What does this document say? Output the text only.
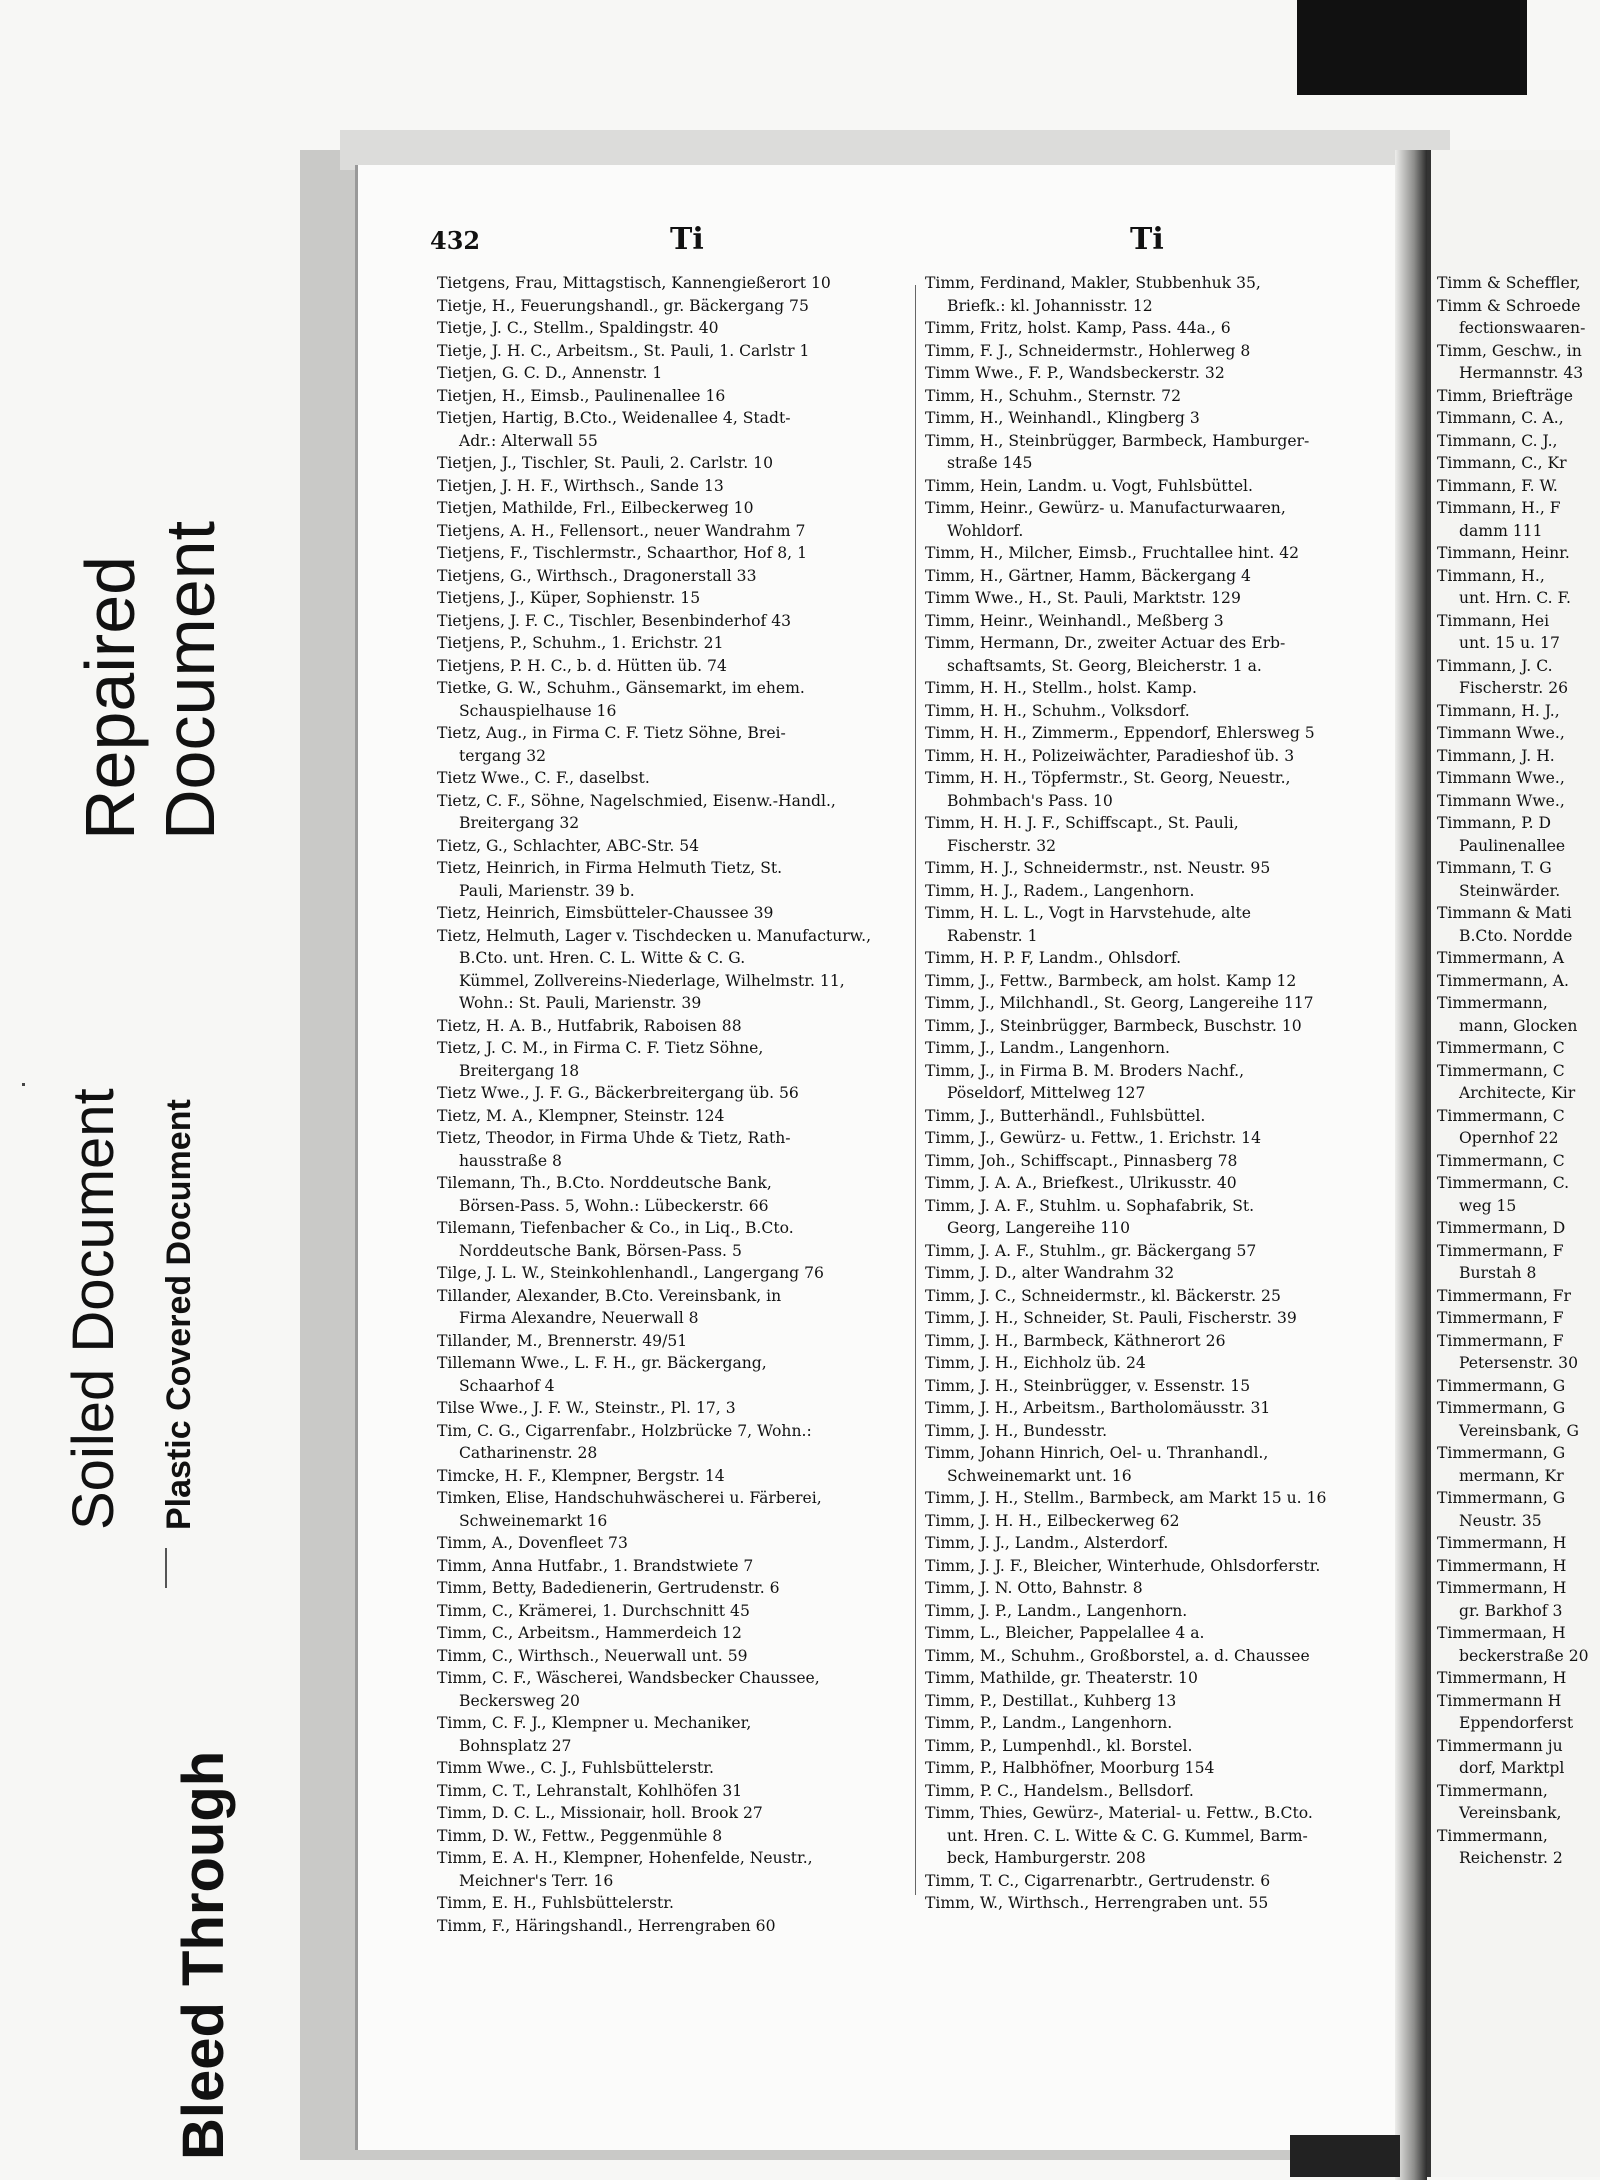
Repaired Document
Soiled Document Plastic Covered Document
Bleed Through
432	Ti	Ti
Tietgens, Frau, Mittagstisch, Kannengießerort 10
Tietje, H., Feuerungshandl., gr. Bäckergang 75
Tietje, J. C., Stellm., Spaldingstr. 40
Tietje, J. H. C., Arbeitsm., St. Pauli, 1. Carlstr 1
Tietjen, G. C. D., Annenstr. 1
Tietjen, H., Eimsb., Paulinenallee 16
Tietjen, Hartig, B.Cto., Weidenallee 4, Stadt-
Adr.: Alterwall 55
Tietjen, J., Tischler, St. Pauli, 2. Carlstr. 10
Tietjen, J. H. F., Wirthsch., Sande 13
Tietjen, Mathilde, Frl., Eilbeckerweg 10
Tietjens, A. H., Fellensort., neuer Wandrahm 7
Tietjens, F., Tischlermstr., Schaarthor, Hof 8, 1
Tietjens, G., Wirthsch., Dragonerstall 33
Tietjens, J., Küper, Sophienstr. 15
Tietjens, J. F. C., Tischler, Besenbinderhof 43
Tietjens, P., Schuhm., 1. Erichstr. 21
Tietjens, P. H. C., b. d. Hütten üb. 74
Tietke, G. W., Schuhm., Gänsemarkt, im ehem.
Schauspielhause 16
Tietz, Aug., in Firma C. F. Tietz Söhne, Brei-
tergang 32
Tietz Wwe., C. F., daselbst.
Tietz, C. F., Söhne, Nagelschmied, Eisenw.-Handl.,
Breitergang 32
Tietz, G., Schlachter, ABC-Str. 54
Tietz, Heinrich, in Firma Helmuth Tietz, St.
Pauli, Marienstr. 39 b.
Tietz, Heinrich, Eimsbütteler-Chaussee 39
Tietz, Helmuth, Lager v. Tischdecken u. Manufacturw.,
B.Cto. unt. Hren. C. L. Witte & C. G.
Kümmel, Zollvereins-Niederlage, Wilhelmstr. 11,
Wohn.: St. Pauli, Marienstr. 39
Tietz, H. A. B., Hutfabrik, Raboisen 88
Tietz, J. C. M., in Firma C. F. Tietz Söhne,
Breitergang 18
Tietz Wwe., J. F. G., Bäckerbreitergang üb. 56
Tietz, M. A., Klempner, Steinstr. 124
Tietz, Theodor, in Firma Uhde & Tietz, Rath-
hausstraße 8
Tilemann, Th., B.Cto. Norddeutsche Bank,
Börsen-Pass. 5, Wohn.: Lübeckerstr. 66
Tilemann, Tiefenbacher & Co., in Liq., B.Cto.
Norddeutsche Bank, Börsen-Pass. 5
Tilge, J. L. W., Steinkohlenhandl., Langergang 76
Tillander, Alexander, B.Cto. Vereinsbank, in
Firma Alexandre, Neuerwall 8
Tillander, M., Brennerstr. 49/51
Tillemann Wwe., L. F. H., gr. Bäckergang,
Schaarhof 4
Tilse Wwe., J. F. W., Steinstr., Pl. 17, 3
Tim, C. G., Cigarrenfabr., Holzbrücke 7, Wohn.:
Catharinenstr. 28
Timcke, H. F., Klempner, Bergstr. 14
Timken, Elise, Handschuhwäscherei u. Färberei,
Schweinemarkt 16
Timm, A., Dovenfleet 73
Timm, Anna Hutfabr., 1. Brandstwiete 7
Timm, Betty, Badedienerin, Gertrudenstr. 6
Timm, C., Krämerei, 1. Durchschnitt 45
Timm, C., Arbeitsm., Hammerdeich 12
Timm, C., Wirthsch., Neuerwall unt. 59
Timm, C. F., Wäscherei, Wandsbecker Chaussee,
Beckersweg 20
Timm, C. F. J., Klempner u. Mechaniker,
Bohnsplatz 27
Timm Wwe., C. J., Fuhlsbüttelerstr.
Timm, C. T., Lehranstalt, Kohlhöfen 31
Timm, D. C. L., Missionair, holl. Brook 27
Timm, D. W., Fettw., Peggenmühle 8
Timm, E. A. H., Klempner, Hohenfelde, Neustr.,
Meichner's Terr. 16
Timm, E. H., Fuhlsbüttelerstr.
Timm, F., Häringshandl., Herrengraben 60
Timm, Ferdinand, Makler, Stubbenhuk 35,
Briefk.: kl. Johannisstr. 12
Timm, Fritz, holst. Kamp, Pass. 44a., 6
Timm, F. J., Schneidermstr., Hohlerweg 8
Timm Wwe., F. P., Wandsbeckerstr. 32
Timm, H., Schuhm., Sternstr. 72
Timm, H., Weinhandl., Klingberg 3
Timm, H., Steinbrügger, Barmbeck, Hamburger-
straße 145
Timm, Hein, Landm. u. Vogt, Fuhlsbüttel.
Timm, Heinr., Gewürz- u. Manufacturwaaren,
Wohldorf.
Timm, H., Milcher, Eimsb., Fruchtallee hint. 42
Timm, H., Gärtner, Hamm, Bäckergang 4
Timm Wwe., H., St. Pauli, Marktstr. 129
Timm, Heinr., Weinhandl., Meßberg 3
Timm, Hermann, Dr., zweiter Actuar des Erb-
schaftsamts, St. Georg, Bleicherstr. 1 a.
Timm, H. H., Stellm., holst. Kamp.
Timm, H. H., Schuhm., Volksdorf.
Timm, H. H., Zimmerm., Eppendorf, Ehlersweg 5
Timm, H. H., Polizeiwächter, Paradieshof üb. 3
Timm, H. H., Töpfermstr., St. Georg, Neuestr.,
Bohmbach's Pass. 10
Timm, H. H. J. F., Schiffscapt., St. Pauli,
Fischerstr. 32
Timm, H. J., Schneidermstr., nst. Neustr. 95
Timm, H. J., Radem., Langenhorn.
Timm, H. L. L., Vogt in Harvstehude, alte
Rabenstr. 1
Timm, H. P. F, Landm., Ohlsdorf.
Timm, J., Fettw., Barmbeck, am holst. Kamp 12
Timm, J., Milchhandl., St. Georg, Langereihe 117
Timm, J., Steinbrügger, Barmbeck, Buschstr. 10
Timm, J., Landm., Langenhorn.
Timm, J., in Firma B. M. Broders Nachf.,
Pöseldorf, Mittelweg 127
Timm, J., Butterhändl., Fuhlsbüttel.
Timm, J., Gewürz- u. Fettw., 1. Erichstr. 14
Timm, Joh., Schiffscapt., Pinnasberg 78
Timm, J. A. A., Briefkest., Ulrikusstr. 40
Timm, J. A. F., Stuhlm. u. Sophafabrik, St.
Georg, Langereihe 110
Timm, J. A. F., Stuhlm., gr. Bäckergang 57
Timm, J. D., alter Wandrahm 32
Timm, J. C., Schneidermstr., kl. Bäckerstr. 25
Timm, J. H., Schneider, St. Pauli, Fischerstr. 39
Timm, J. H., Barmbeck, Käthnerort 26
Timm, J. H., Eichholz üb. 24
Timm, J. H., Steinbrügger, v. Essenstr. 15
Timm, J. H., Arbeitsm., Bartholomäusstr. 31
Timm, J. H., Bundesstr.
Timm, Johann Hinrich, Oel- u. Thranhandl.,
Schweinemarkt unt. 16
Timm, J. H., Stellm., Barmbeck, am Markt 15 u. 16
Timm, J. H. H., Eilbeckerweg 62
Timm, J. J., Landm., Alsterdorf.
Timm, J. J. F., Bleicher, Winterhude, Ohlsdorferstr.
Timm, J. N. Otto, Bahnstr. 8
Timm, J. P., Landm., Langenhorn.
Timm, L., Bleicher, Pappelallee 4 a.
Timm, M., Schuhm., Großborstel, a. d. Chaussee
Timm, Mathilde, gr. Theaterstr. 10
Timm, P., Destillat., Kuhberg 13
Timm, P., Landm., Langenhorn.
Timm, P., Lumpenhdl., kl. Borstel.
Timm, P., Halbhöfner, Moorburg 154
Timm, P. C., Handelsm., Bellsdorf.
Timm, Thies, Gewürz-, Material- u. Fettw., B.Cto.
unt. Hren. C. L. Witte & C. G. Kummel, Barm-
beck, Hamburgerstr. 208
Timm, T. C., Cigarrenarbtr., Gertrudenstr. 6
Timm, W., Wirthsch., Herrengraben unt. 55
Timm & Scheffler,
Timm & Schroede
fectionswaaren-
Timm, Geschw., in
Hermannstr. 43
Timm, Briefträge
Timmann, C. A.,
Timmann, C. J.,
Timmann, C., Kr
Timmann, F. W.
Timmann, H., F
damm 111
Timmann, Heinr.
Timmann, H.,
unt. Hrn. C. F.
Timmann, Hei
unt. 15 u. 17
Timmann, J. C.
Fischerstr. 26
Timmann, H. J.,
Timmann Wwe.,
Timmann, J. H.
Timmann Wwe.,
Timmann Wwe.,
Timmann, P. D
Paulinenallee
Timmann, T. G
Steinwärder.
Timmann & Mati
B.Cto. Nordde
Timmermann, A
Timmermann, A.
Timmermann,
mann, Glocken
Timmermann, C
Timmermann, C
Architecte, Kir
Timmermann, C
Opernhof 22
Timmermann, C
Timmermann, C.
weg 15
Timmermann, D
Timmermann, F
Burstah 8
Timmermann, Fr
Timmermann, F
Timmermann, F
Petersenstr. 30
Timmermann, G
Timmermann, G
Vereinsbank, G
Timmermann, G
mermann, Kr
Timmermann, G
Neustr. 35
Timmermann, H
Timmermann, H
Timmermann, H
gr. Barkhof 3
Timmermaan, H
beckerstraße 20
Timmermann, H
Timmermann H
Eppendorferst
Timmermann ju
dorf, Marktpl
Timmermann,
Vereinsbank,
Timmermann,
Reichenstr. 2
